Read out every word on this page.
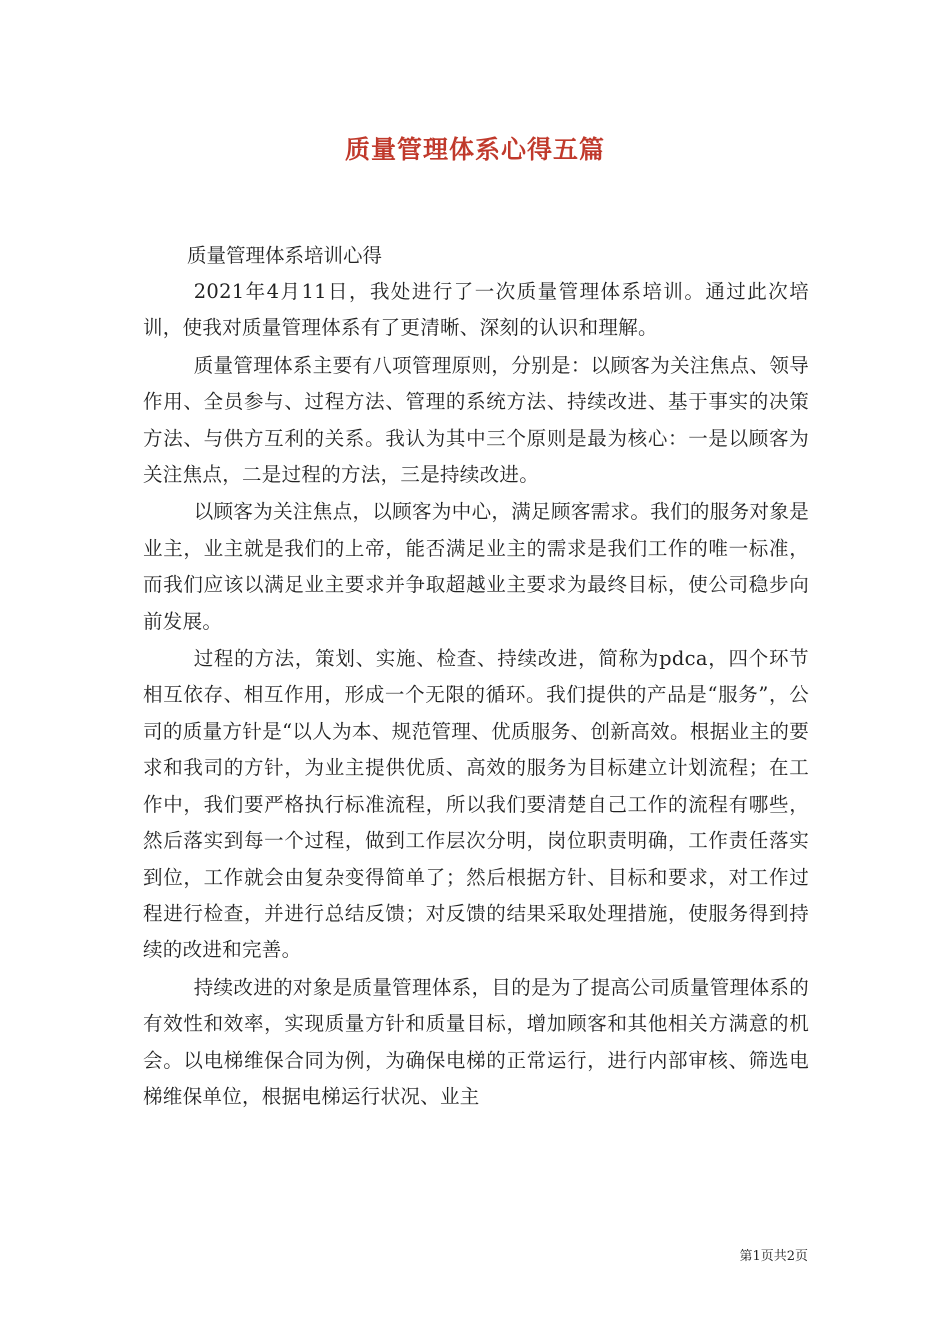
质量管理体系心得五篇

质量管理体系培训心得

2021年4月11日，我处进行了一次质量管理体系培训。通过此次培训，使我对质量管理体系有了更清晰、深刻的认识和理解。

质量管理体系主要有八项管理原则，分别是：以顾客为关注焦点、领导作用、全员参与、过程方法、管理的系统方法、持续改进、基于事实的决策方法、与供方互利的关系。我认为其中三个原则是最为核心：一是以顾客为关注焦点，二是过程的方法，三是持续改进。

以顾客为关注焦点，以顾客为中心，满足顾客需求。我们的服务对象是业主，业主就是我们的上帝，能否满足业主的需求是我们工作的唯一标准，而我们应该以满足业主要求并争取超越业主要求为最终目标，使公司稳步向前发展。

过程的方法，策划、实施、检查、持续改进，简称为pdca，四个环节相互依存、相互作用，形成一个无限的循环。我们提供的产品是“服务”，公司的质量方针是“以人为本、规范管理、优质服务、创新高效。根据业主的要求和我司的方针，为业主提供优质、高效的服务为目标建立计划流程；在工作中，我们要严格执行标准流程，所以我们要清楚自己工作的流程有哪些，然后落实到每一个过程，做到工作层次分明，岗位职责明确，工作责任落实到位，工作就会由复杂变得简单了；然后根据方针、目标和要求，对工作过程进行检查，并进行总结反馈；对反馈的结果采取处理措施，使服务得到持续的改进和完善。

持续改进的对象是质量管理体系，目的是为了提高公司质量管理体系的有效性和效率，实现质量方针和质量目标，增加顾客和其他相关方满意的机会。以电梯维保合同为例，为确保电梯的正常运行，进行内部审核、筛选电梯维保单位，根据电梯运行状况、业主

第1页共2页
